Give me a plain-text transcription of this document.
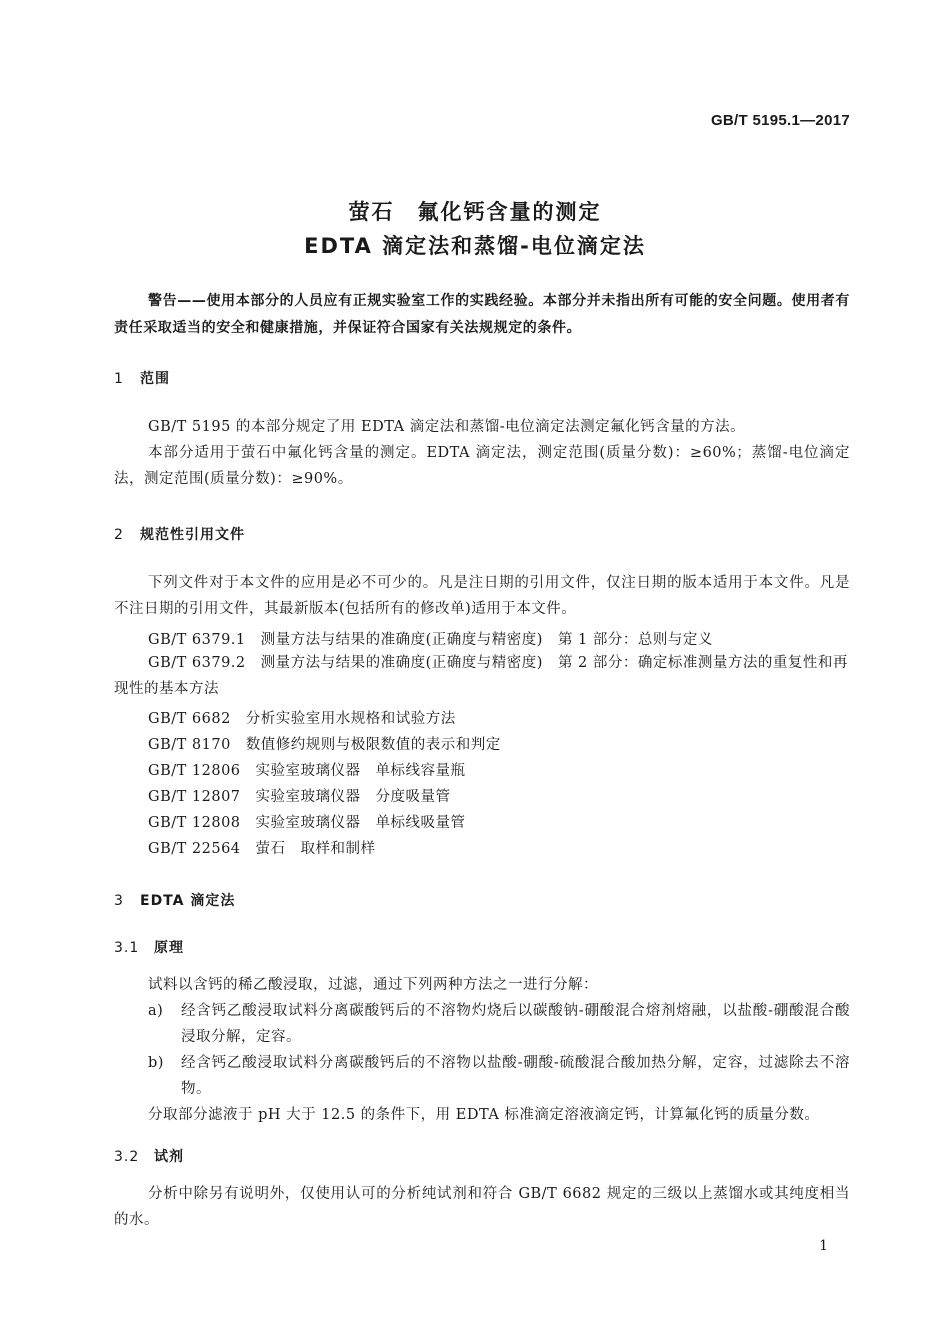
GB/T 5195.1—2017
萤石　氟化钙含量的测定
EDTA 滴定法和蒸馏-电位滴定法
警告——使用本部分的人员应有正规实验室工作的实践经验。本部分并未指出所有可能的安全问题。使用者有责任采取适当的安全和健康措施，并保证符合国家有关法规规定的条件。
1 范围
GB/T 5195 的本部分规定了用 EDTA 滴定法和蒸馏-电位滴定法测定氟化钙含量的方法。
本部分适用于萤石中氟化钙含量的测定。EDTA 滴定法，测定范围(质量分数)：≥60%；蒸馏-电位滴定法，测定范围(质量分数)：≥90%。
2 规范性引用文件
下列文件对于本文件的应用是必不可少的。凡是注日期的引用文件，仅注日期的版本适用于本文件。凡是不注日期的引用文件，其最新版本(包括所有的修改单)适用于本文件。
GB/T 6379.1　测量方法与结果的准确度(正确度与精密度)　第 1 部分：总则与定义
GB/T 6379.2　测量方法与结果的准确度(正确度与精密度)　第 2 部分：确定标准测量方法的重复性和再现性的基本方法
GB/T 6682　分析实验室用水规格和试验方法
GB/T 8170　数值修约规则与极限数值的表示和判定
GB/T 12806　实验室玻璃仪器　单标线容量瓶
GB/T 12807　实验室玻璃仪器　分度吸量管
GB/T 12808　实验室玻璃仪器　单标线吸量管
GB/T 22564　萤石　取样和制样
3 EDTA 滴定法
3.1 原理
试料以含钙的稀乙酸浸取，过滤，通过下列两种方法之一进行分解：
a) 经含钙乙酸浸取试料分离碳酸钙后的不溶物灼烧后以碳酸钠-硼酸混合熔剂熔融，以盐酸-硼酸混合酸浸取分解，定容。
b) 经含钙乙酸浸取试料分离碳酸钙后的不溶物以盐酸-硼酸-硫酸混合酸加热分解，定容，过滤除去不溶物。
分取部分滤液于 pH 大于 12.5 的条件下，用 EDTA 标准滴定溶液滴定钙，计算氟化钙的质量分数。
3.2 试剂
分析中除另有说明外，仅使用认可的分析纯试剂和符合 GB/T 6682 规定的三级以上蒸馏水或其纯度相当的水。
1
